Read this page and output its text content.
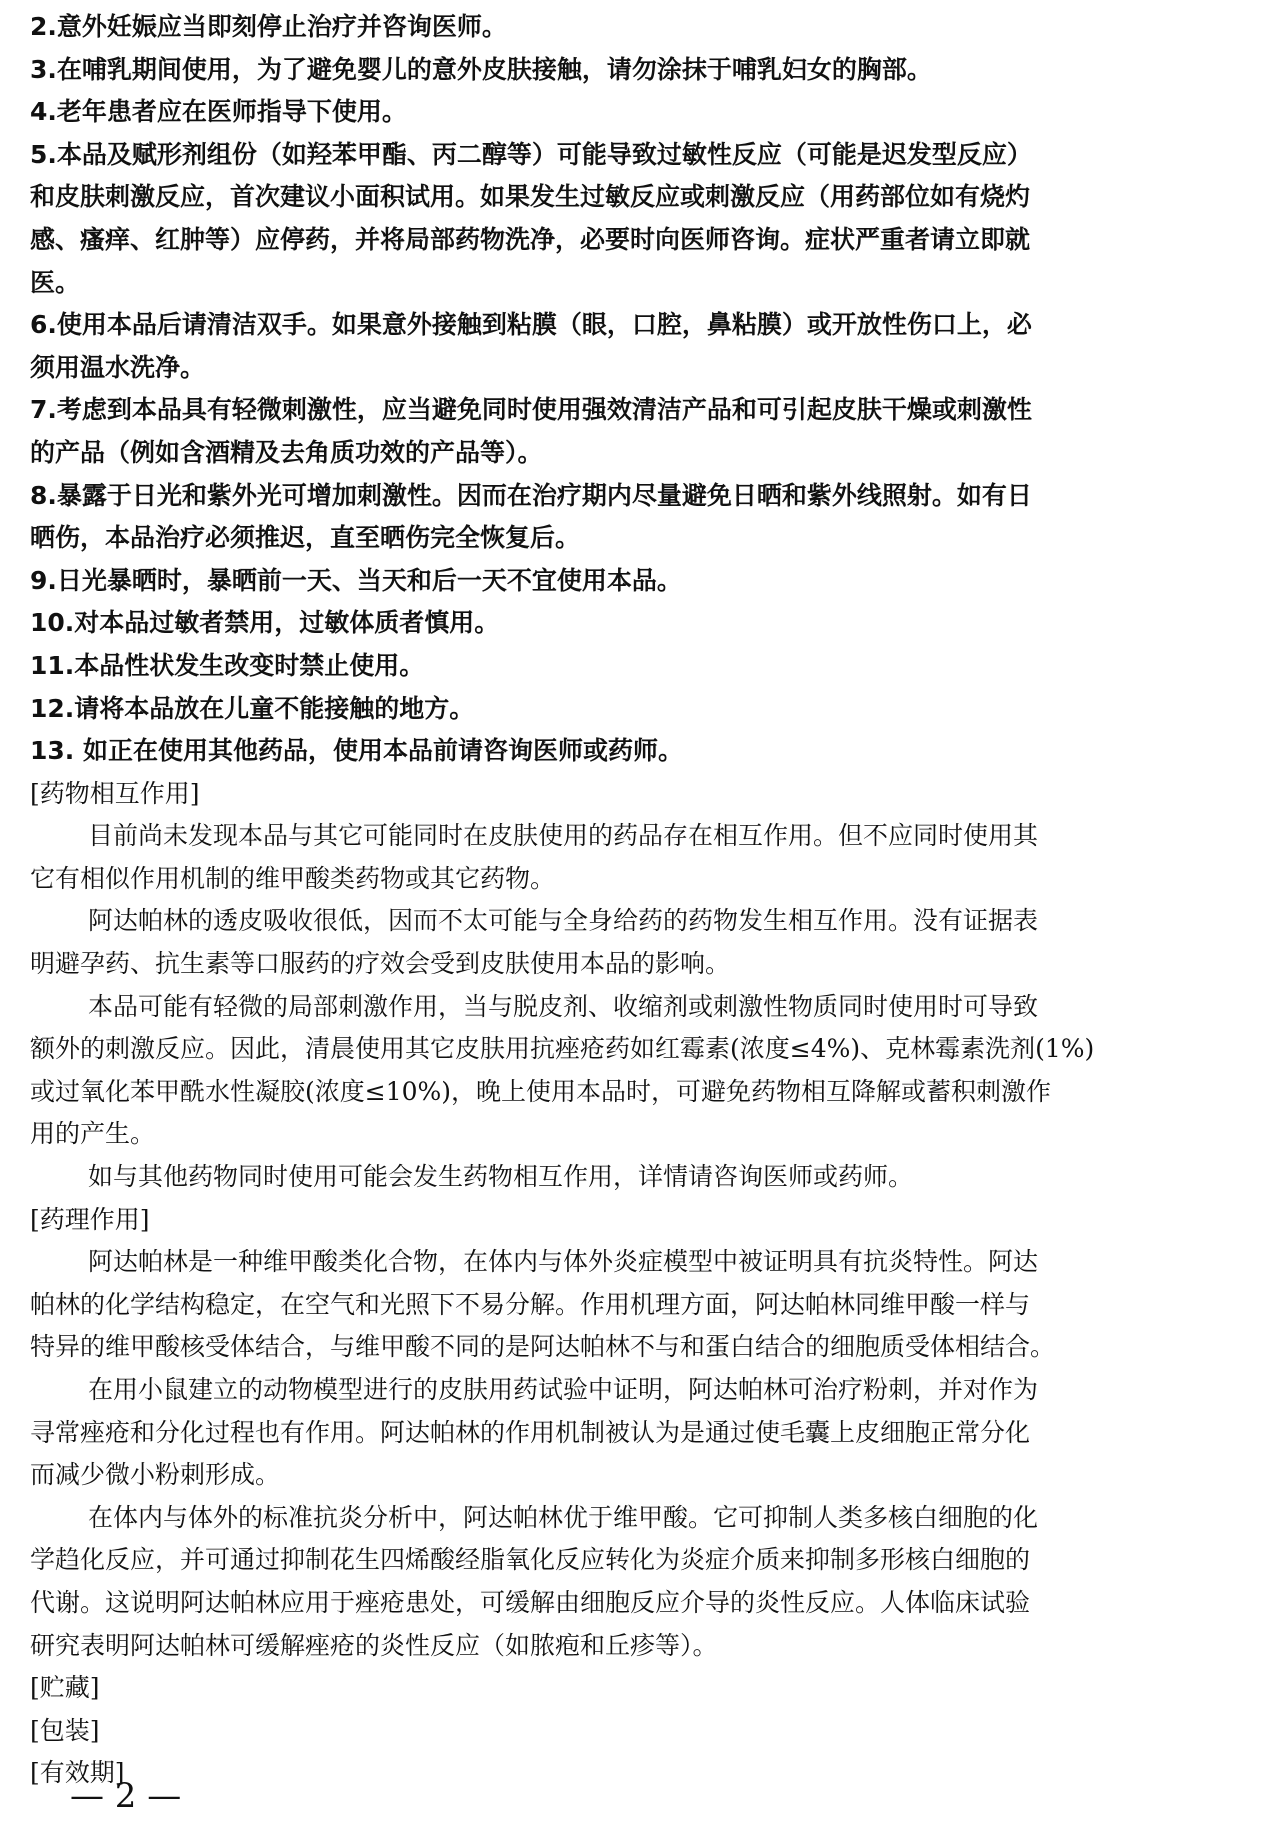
2.意外妊娠应当即刻停止治疗并咨询医师。
3.在哺乳期间使用，为了避免婴儿的意外皮肤接触，请勿涂抹于哺乳妇女的胸部。
4.老年患者应在医师指导下使用。
5.本品及赋形剂组份（如羟苯甲酯、丙二醇等）可能导致过敏性反应（可能是迟发型反应）
和皮肤刺激反应，首次建议小面积试用。如果发生过敏反应或刺激反应（用药部位如有烧灼
感、瘙痒、红肿等）应停药，并将局部药物洗净，必要时向医师咨询。症状严重者请立即就
医。
6.使用本品后请清洁双手。如果意外接触到粘膜（眼，口腔，鼻粘膜）或开放性伤口上，必
须用温水洗净。
7.考虑到本品具有轻微刺激性，应当避免同时使用强效清洁产品和可引起皮肤干燥或刺激性
的产品（例如含酒精及去角质功效的产品等）。
8.暴露于日光和紫外光可增加刺激性。因而在治疗期内尽量避免日晒和紫外线照射。如有日
晒伤，本品治疗必须推迟，直至晒伤完全恢复后。
9.日光暴晒时，暴晒前一天、当天和后一天不宜使用本品。
10.对本品过敏者禁用，过敏体质者慎用。
11.本品性状发生改变时禁止使用。
12.请将本品放在儿童不能接触的地方。
13. 如正在使用其他药品，使用本品前请咨询医师或药师。
[药物相互作用]
目前尚未发现本品与其它可能同时在皮肤使用的药品存在相互作用。但不应同时使用其
它有相似作用机制的维甲酸类药物或其它药物。
阿达帕林的透皮吸收很低，因而不太可能与全身给药的药物发生相互作用。没有证据表
明避孕药、抗生素等口服药的疗效会受到皮肤使用本品的影响。
本品可能有轻微的局部刺激作用，当与脱皮剂、收缩剂或刺激性物质同时使用时可导致
额外的刺激反应。因此，清晨使用其它皮肤用抗痤疮药如红霉素(浓度≤4%)、克林霉素洗剂(1%)
或过氧化苯甲酰水性凝胶(浓度≤10%)，晚上使用本品时，可避免药物相互降解或蓄积刺激作
用的产生。
如与其他药物同时使用可能会发生药物相互作用，详情请咨询医师或药师。
[药理作用]
阿达帕林是一种维甲酸类化合物，在体内与体外炎症模型中被证明具有抗炎特性。阿达
帕林的化学结构稳定，在空气和光照下不易分解。作用机理方面，阿达帕林同维甲酸一样与
特异的维甲酸核受体结合，与维甲酸不同的是阿达帕林不与和蛋白结合的细胞质受体相结合。
在用小鼠建立的动物模型进行的皮肤用药试验中证明，阿达帕林可治疗粉刺，并对作为
寻常痤疮和分化过程也有作用。阿达帕林的作用机制被认为是通过使毛囊上皮细胞正常分化
而减少微小粉刺形成。
在体内与体外的标准抗炎分析中，阿达帕林优于维甲酸。它可抑制人类多核白细胞的化
学趋化反应，并可通过抑制花生四烯酸经脂氧化反应转化为炎症介质来抑制多形核白细胞的
代谢。这说明阿达帕林应用于痤疮患处，可缓解由细胞反应介导的炎性反应。人体临床试验
研究表明阿达帕林可缓解痤疮的炎性反应（如脓疱和丘疹等）。
[贮藏]
[包装]
[有效期]
— 2 —
